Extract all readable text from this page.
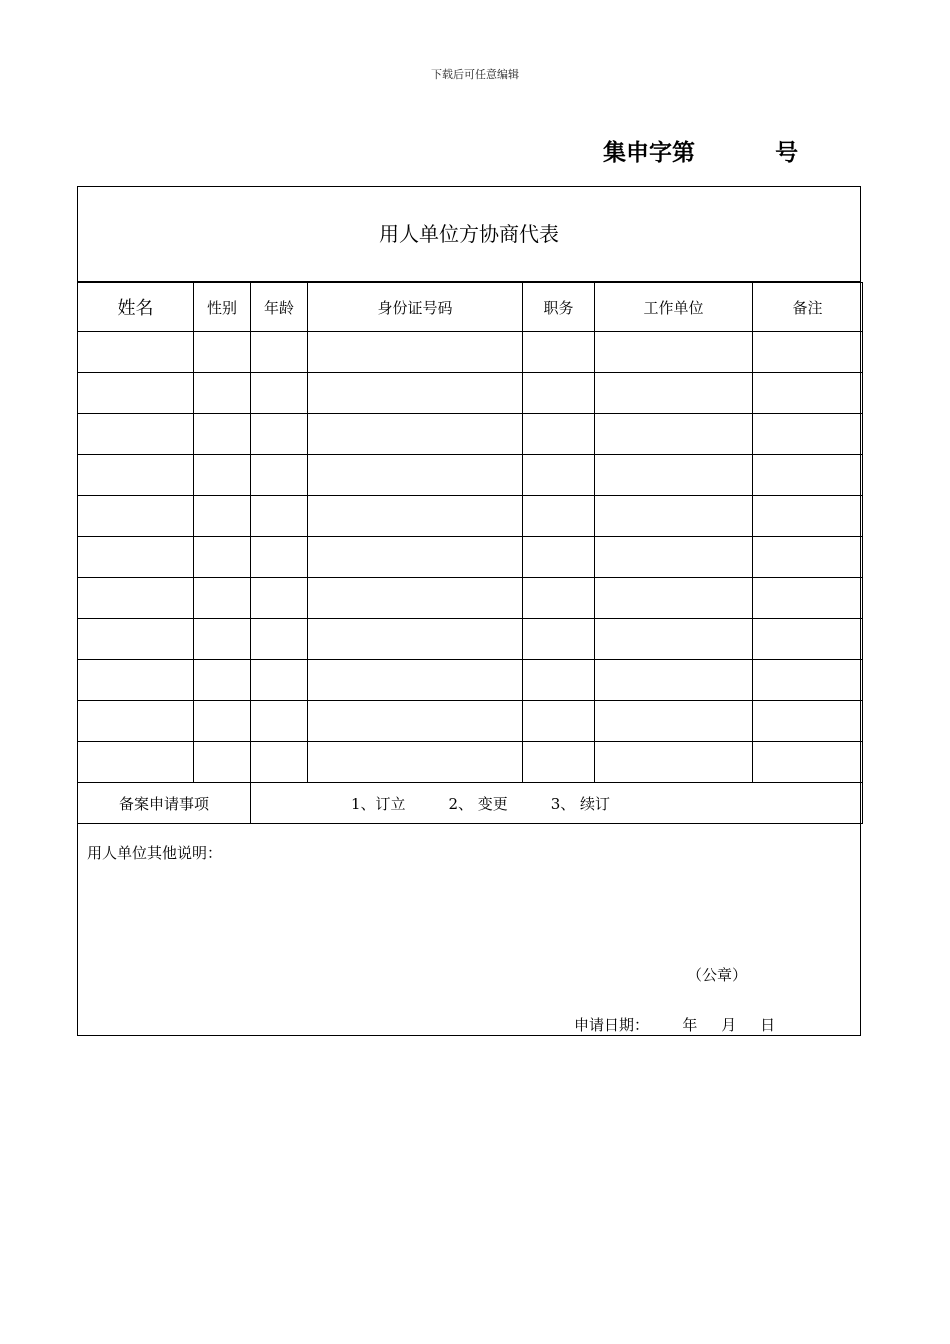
下载后可任意编辑
集申字第	号
用人单位方协商代表
姓名	性别	年龄	身份证号码	职务	工作单位	备注

备案申请事项		1、订立 2、 变更 3、 续订				
用人单位其他说明：
（公章）
申请日期： 年 月 日
